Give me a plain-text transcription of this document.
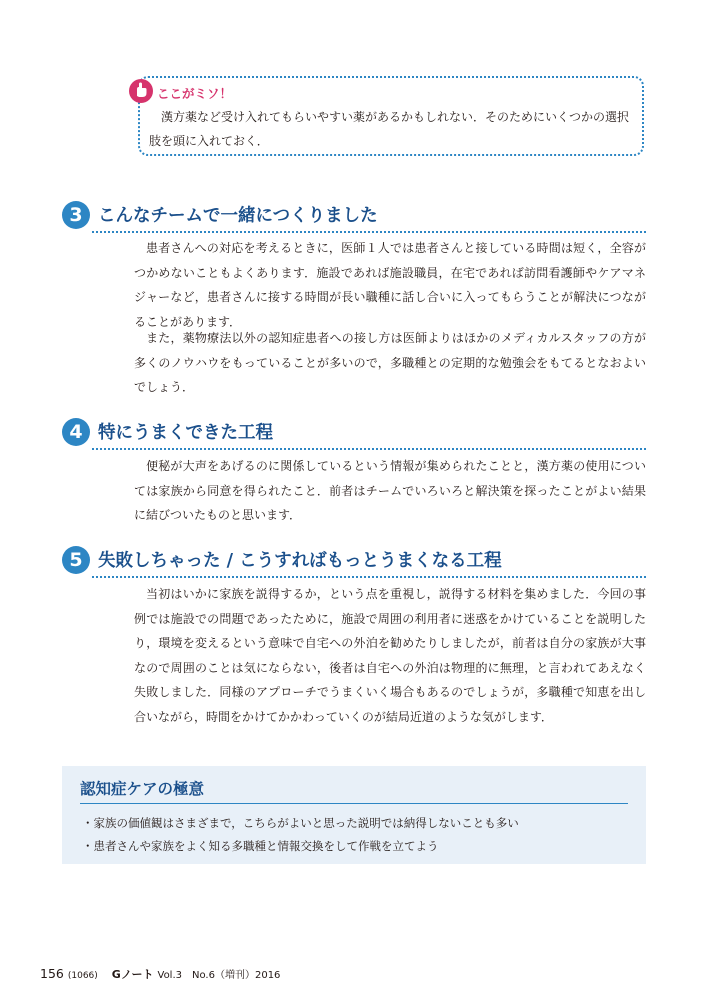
ここがミソ！
漢方薬など受け入れてもらいやすい薬があるかもしれない．そのためにいくつかの選択肢を頭に入れておく．
3 こんなチームで一緒につくりました

患者さんへの対応を考えるときに，医師１人では患者さんと接している時間は短く，全容がつかめないこともよくあります．施設であれば施設職員，在宅であれば訪問看護師やケアマネジャーなど，患者さんに接する時間が長い職種に話し合いに入ってもらうことが解決につながることがあります．

また，薬物療法以外の認知症患者への接し方は医師よりはほかのメディカルスタッフの方が多くのノウハウをもっていることが多いので，多職種との定期的な勉強会をもてるとなおよいでしょう．

4 特にうまくできた工程

便秘が大声をあげるのに関係しているという情報が集められたことと，漢方薬の使用については家族から同意を得られたこと．前者はチームでいろいろと解決策を探ったことがよい結果に結びついたものと思います．

5 失敗しちゃった / こうすればもっとうまくなる工程

当初はいかに家族を説得するか，という点を重視し，説得する材料を集めました．今回の事例では施設での問題であったために，施設で周囲の利用者に迷惑をかけていることを説明したり，環境を変えるという意味で自宅への外泊を勧めたりしましたが，前者は自分の家族が大事なので周囲のことは気にならない，後者は自宅への外泊は物理的に無理，と言われてあえなく失敗しました．同様のアプローチでうまくいく場合もあるのでしょうが，多職種で知恵を出し合いながら，時間をかけてかかわっていくのが結局近道のような気がします．

認知症ケアの極意
・家族の価値観はさまざまで，こちらがよいと思った説明では納得しないことも多い
・患者さんや家族をよく知る多職種と情報交換をして作戦を立てよう
156 (1066) Gノート Vol.3　No.6（増刊）2016
